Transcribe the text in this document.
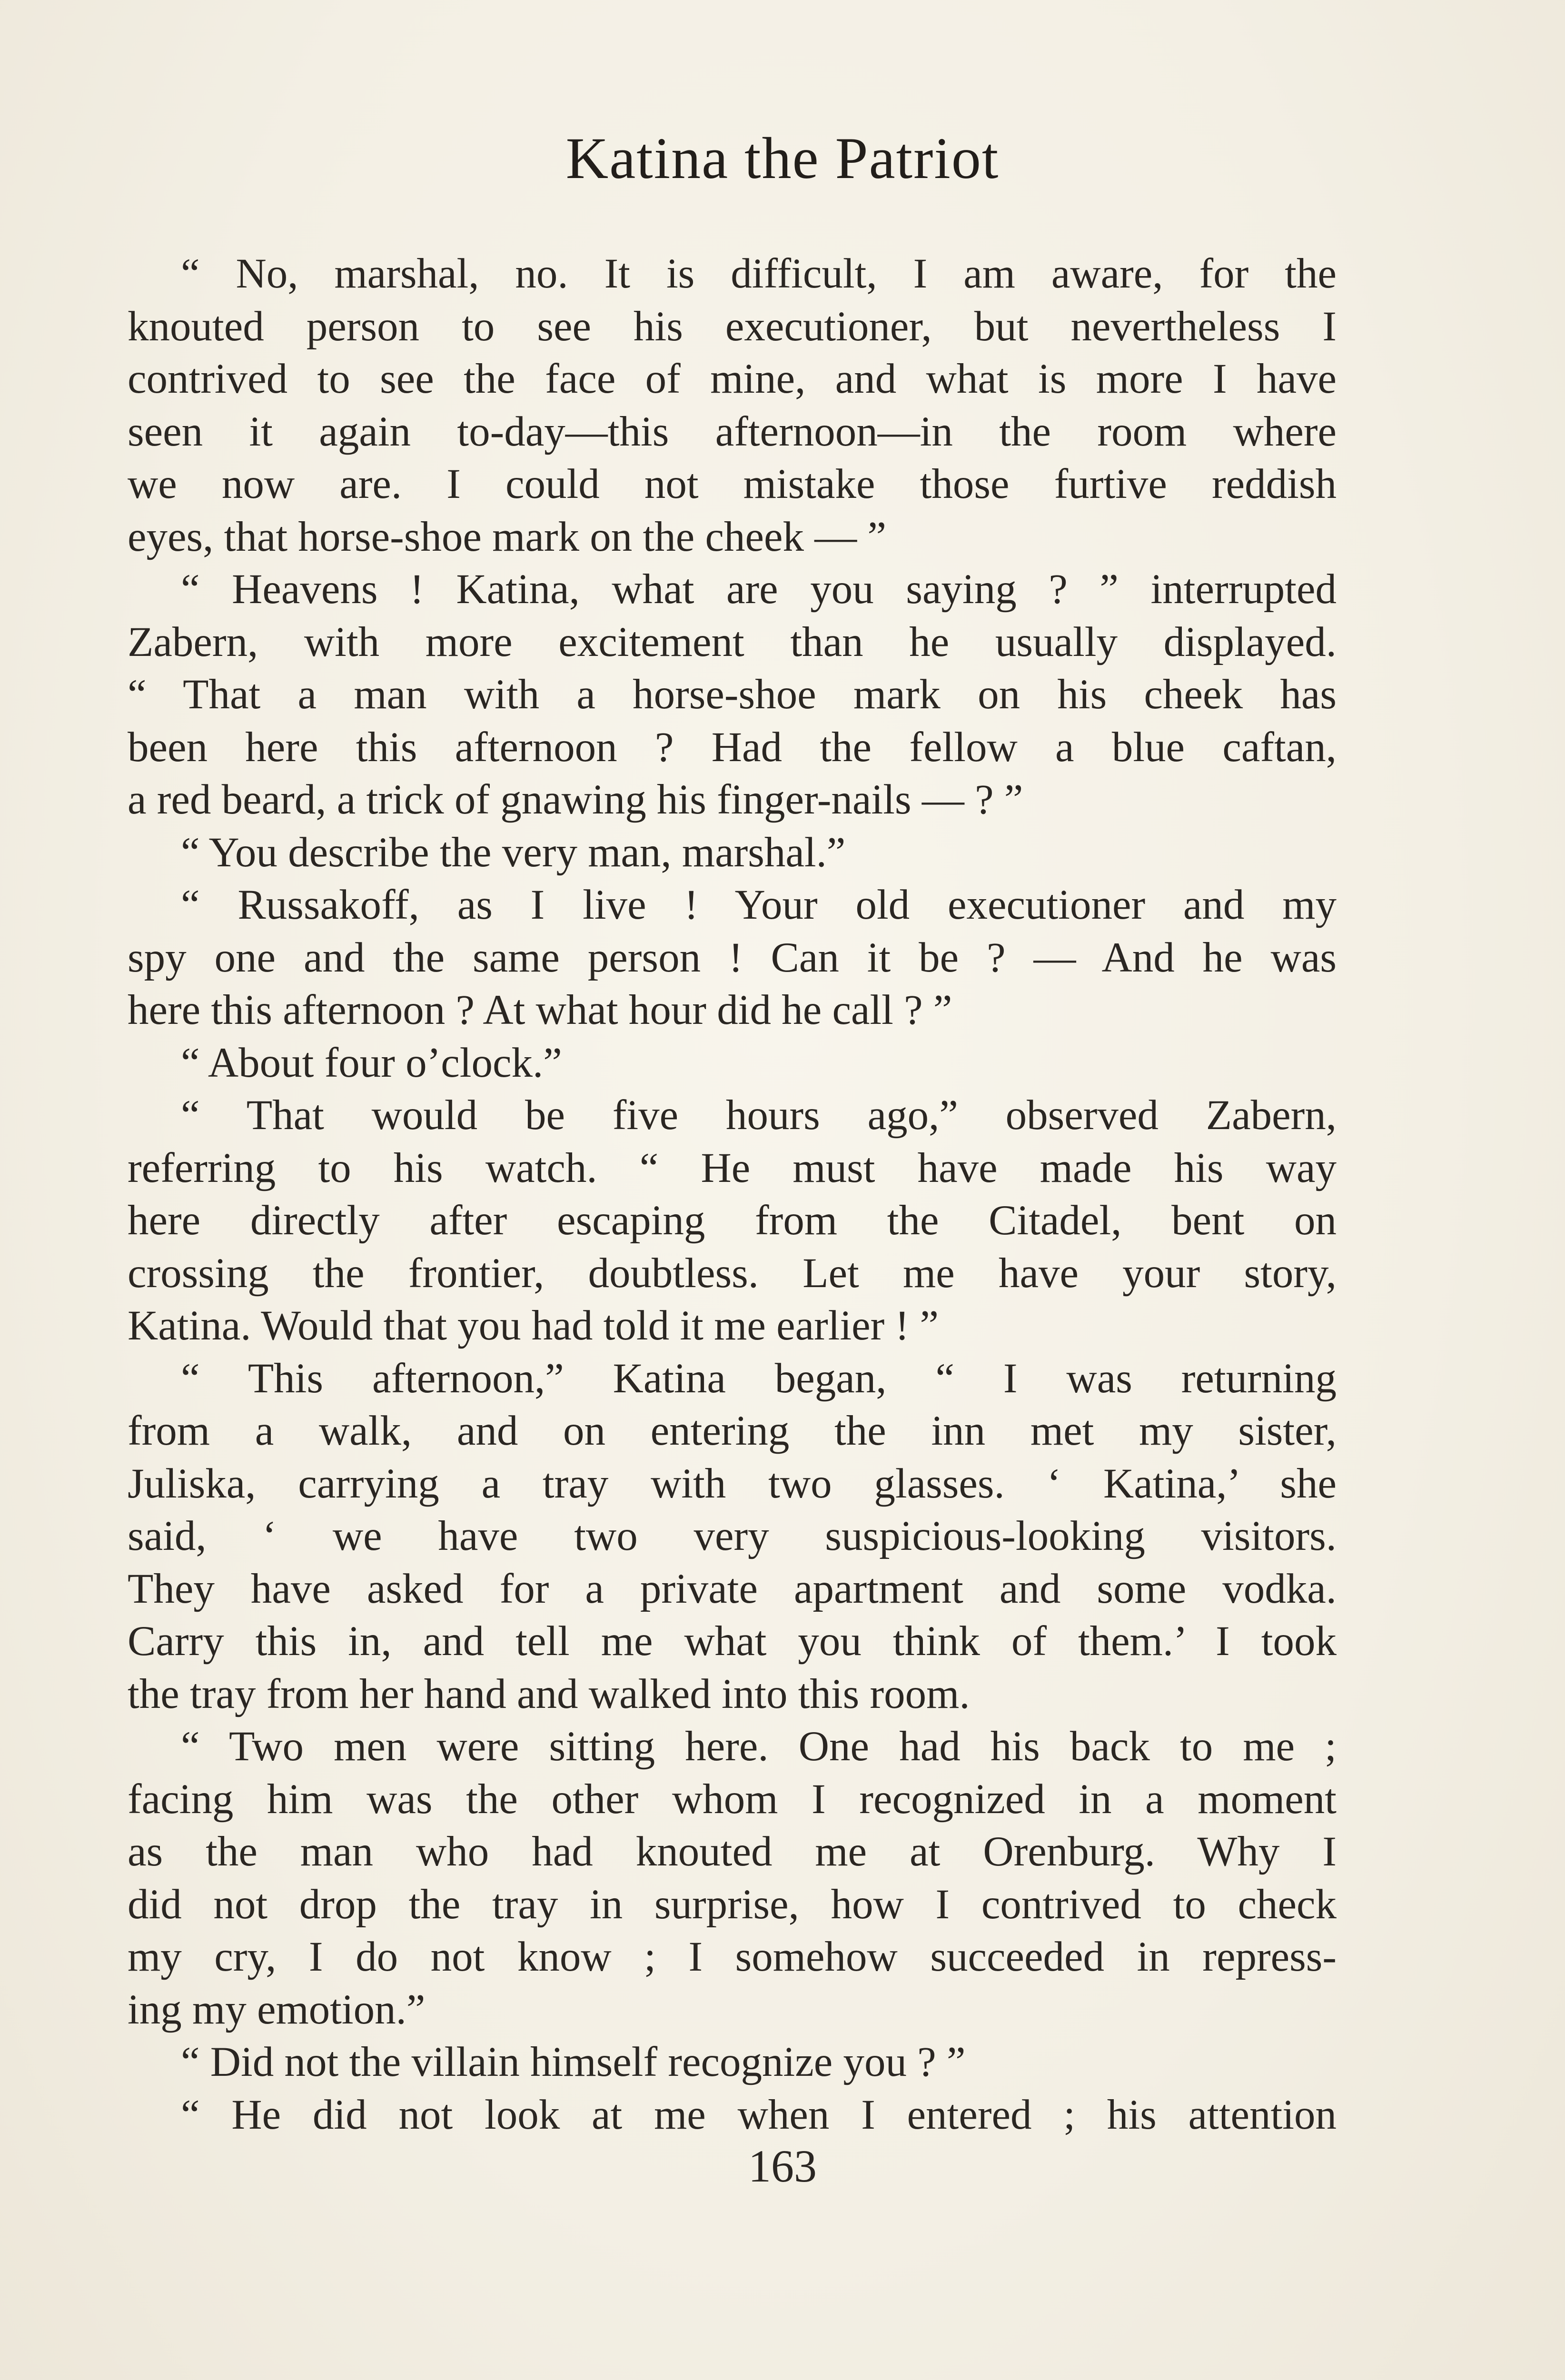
Katina the Patriot
“ No, marshal, no. It is difficult, I am aware, for the
knouted person to see his executioner, but nevertheless I
contrived to see the face of mine, and what is more I have
seen it again to-day—this afternoon—in the room where
we now are. I could not mistake those furtive reddish
eyes, that horse-shoe mark on the cheek — ”
“ Heavens ! Katina, what are you saying ? ” interrupted
Zabern, with more excitement than he usually displayed.
“ That a man with a horse-shoe mark on his cheek has
been here this afternoon ? Had the fellow a blue caftan,
a red beard, a trick of gnawing his finger-nails — ? ”
“ You describe the very man, marshal.”
“ Russakoff, as I live ! Your old executioner and my
spy one and the same person ! Can it be ? — And he was
here this afternoon ? At what hour did he call ? ”
“ About four o’clock.”
“ That would be five hours ago,” observed Zabern,
referring to his watch. “ He must have made his way
here directly after escaping from the Citadel, bent on
crossing the frontier, doubtless. Let me have your story,
Katina. Would that you had told it me earlier ! ”
“ This afternoon,” Katina began, “ I was returning
from a walk, and on entering the inn met my sister,
Juliska, carrying a tray with two glasses. ‘ Katina,’ she
said, ‘ we have two very suspicious-looking visitors.
They have asked for a private apartment and some vodka.
Carry this in, and tell me what you think of them.’ I took
the tray from her hand and walked into this room.
“ Two men were sitting here. One had his back to me ;
facing him was the other whom I recognized in a moment
as the man who had knouted me at Orenburg. Why I
did not drop the tray in surprise, how I contrived to check
my cry, I do not know ; I somehow succeeded in repress-
ing my emotion.”
“ Did not the villain himself recognize you ? ”
“ He did not look at me when I entered ; his attention
163
